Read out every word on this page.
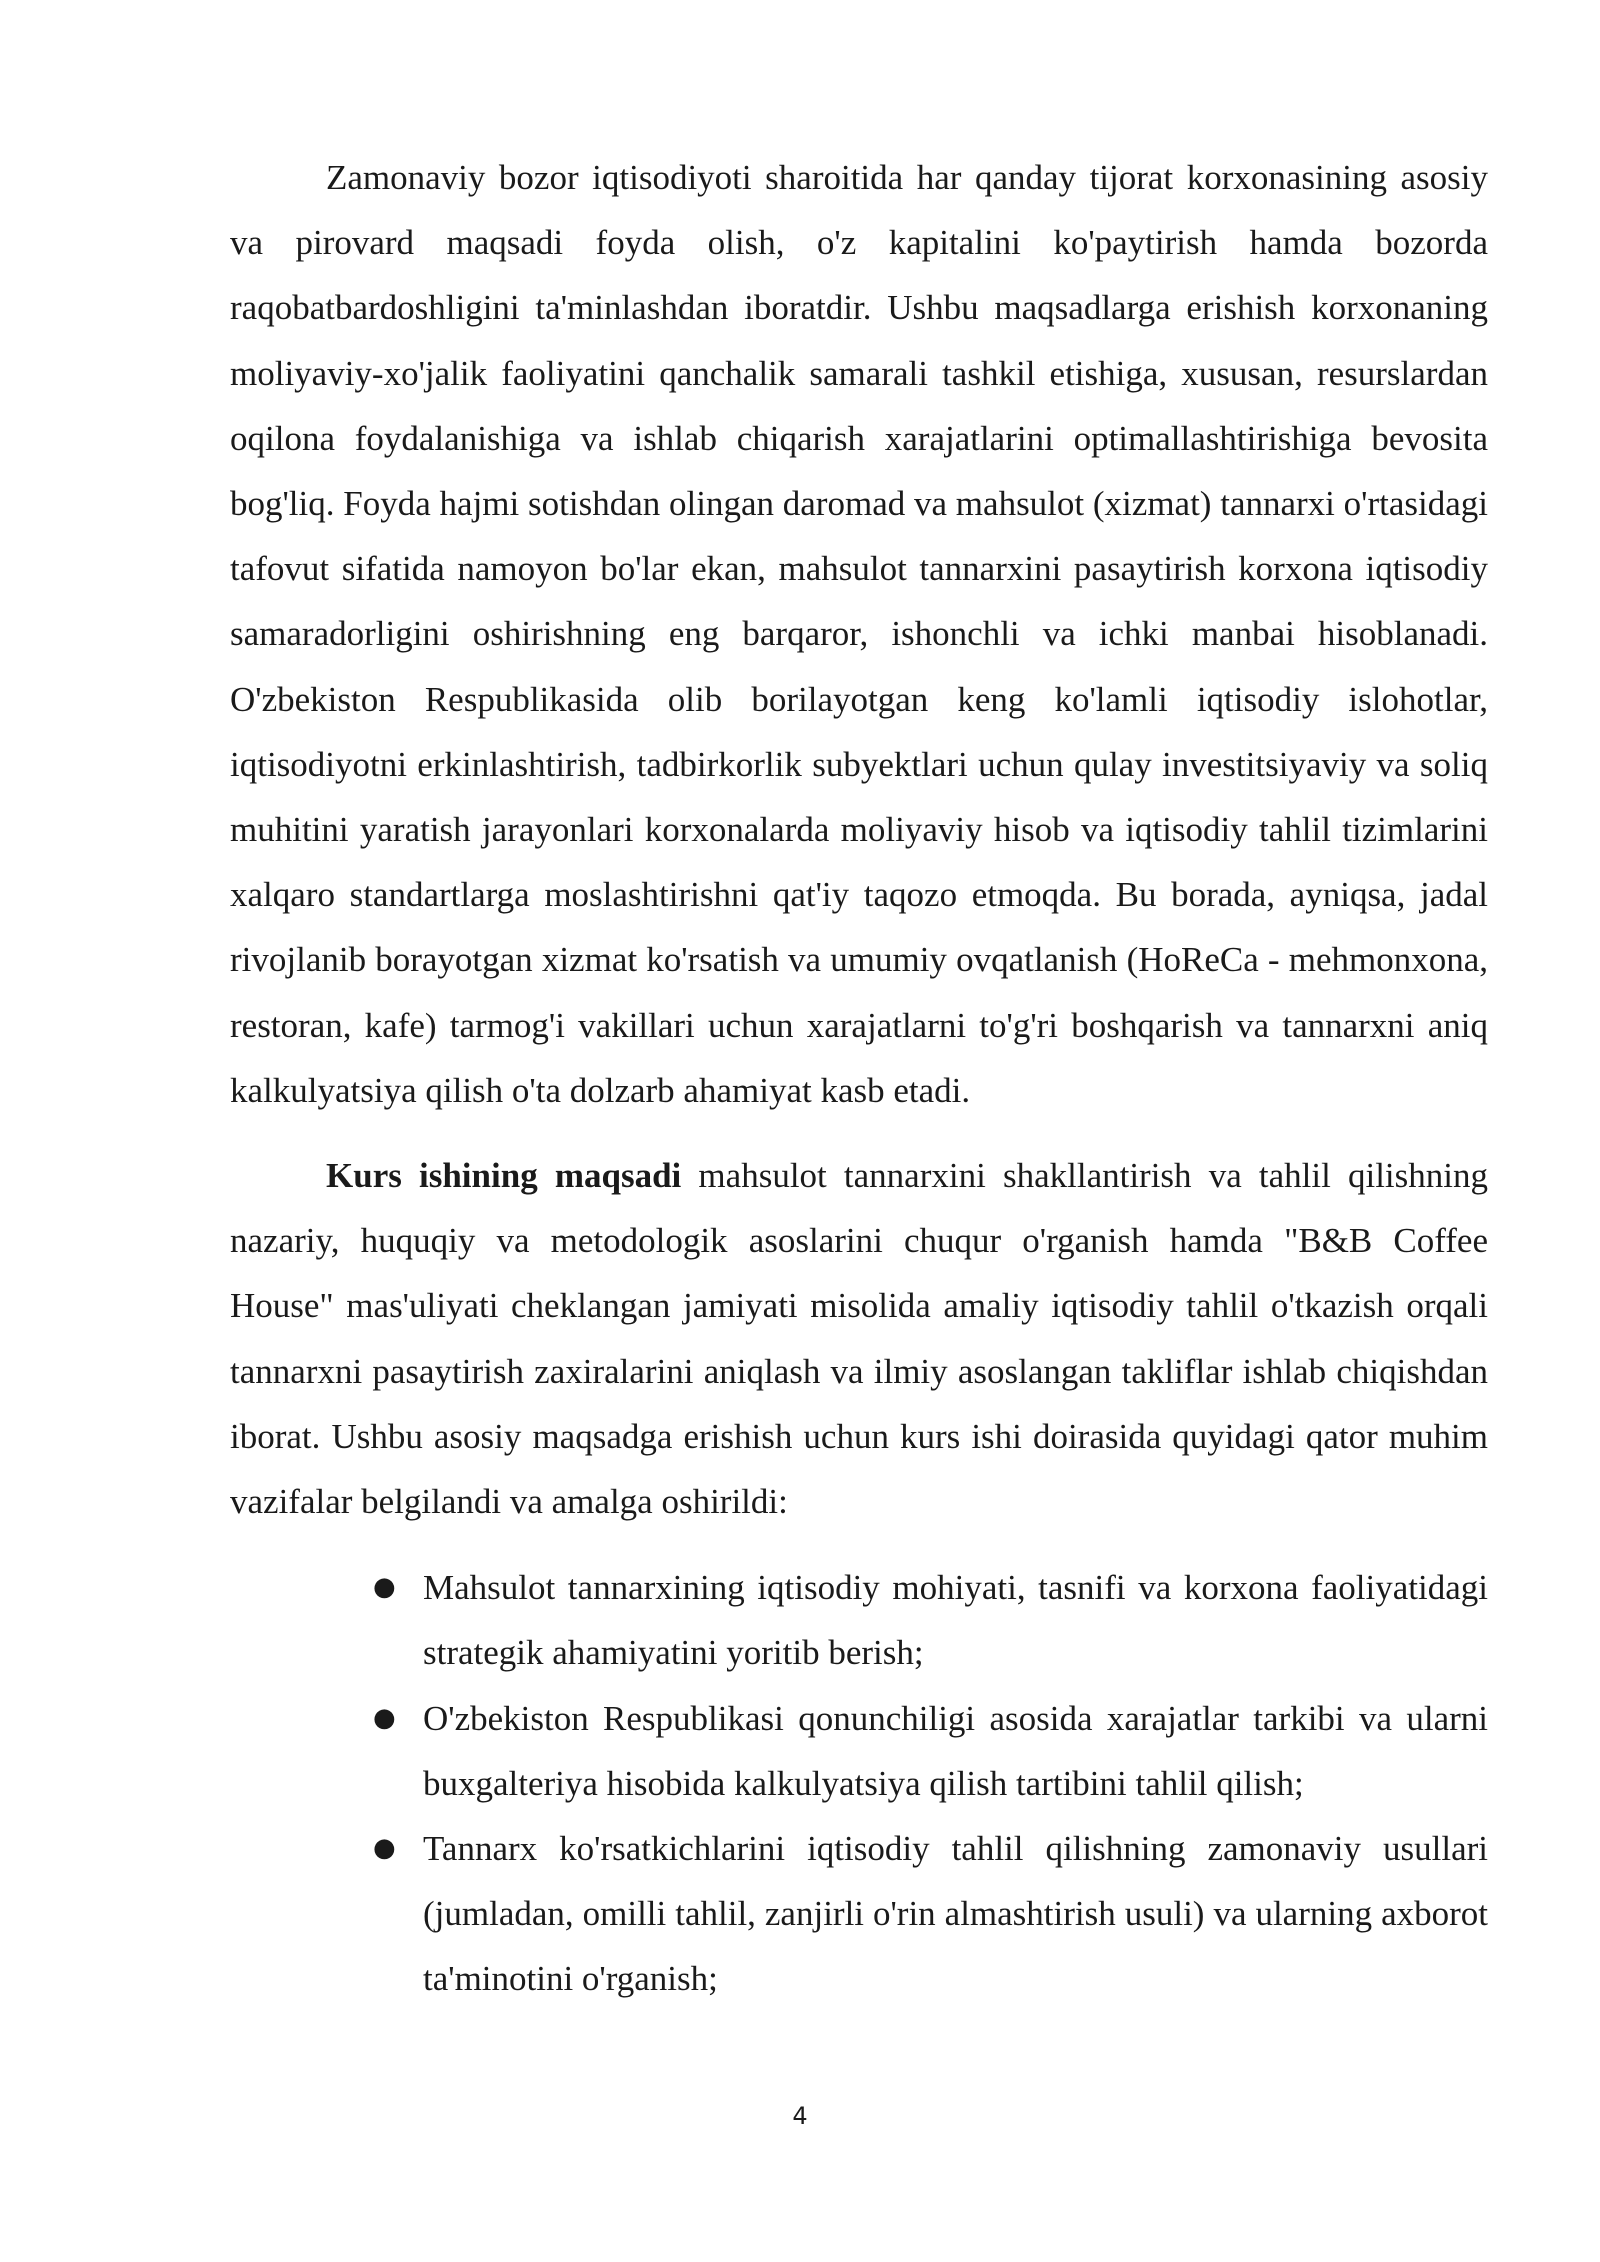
Zamonaviy bozor iqtisodiyoti sharoitida har qanday tijorat korxonasining asosiy va pirovard maqsadi foyda olish, o'z kapitalini ko'paytirish hamda bozorda raqobatbardoshligini ta'minlashdan iboratdir. Ushbu maqsadlarga erishish korxonaning moliyaviy-xo'jalik faoliyatini qanchalik samarali tashkil etishiga, xususan, resurslardan oqilona foydalanishiga va ishlab chiqarish xarajatlarini optimallashtirishiga bevosita bog'liq. Foyda hajmi sotishdan olingan daromad va mahsulot (xizmat) tannarxi o'rtasidagi tafovut sifatida namoyon bo'lar ekan, mahsulot tannarxini pasaytirish korxona iqtisodiy samaradorligini oshirishning eng barqaror, ishonchli va ichki manbai hisoblanadi. O'zbekiston Respublikasida olib borilayotgan keng ko'lamli iqtisodiy islohotlar, iqtisodiyotni erkinlashtirish, tadbirkorlik subyektlari uchun qulay investitsiyaviy va soliq muhitini yaratish jarayonlari korxonalarda moliyaviy hisob va iqtisodiy tahlil tizimlarini xalqaro standartlarga moslashtirishni qat'iy taqozo etmoqda. Bu borada, ayniqsa, jadal rivojlanib borayotgan xizmat ko'rsatish va umumiy ovqatlanish (HoReCa - mehmonxona, restoran, kafe) tarmog'i vakillari uchun xarajatlarni to'g'ri boshqarish va tannarxni aniq kalkulyatsiya qilish o'ta dolzarb ahamiyat kasb etadi.

Kurs ishining maqsadi mahsulot tannarxini shakllantirish va tahlil qilishning nazariy, huquqiy va metodologik asoslarini chuqur o'rganish hamda "B&B Coffee House" mas'uliyati cheklangan jamiyati misolida amaliy iqtisodiy tahlil o'tkazish orqali tannarxni pasaytirish zaxiralarini aniqlash va ilmiy asoslangan takliflar ishlab chiqishdan iborat. Ushbu asosiy maqsadga erishish uchun kurs ishi doirasida quyidagi qator muhim vazifalar belgilandi va amalga oshirildi:

● Mahsulot tannarxining iqtisodiy mohiyati, tasnifi va korxona faoliyatidagi strategik ahamiyatini yoritib berish;
● O'zbekiston Respublikasi qonunchiligi asosida xarajatlar tarkibi va ularni buxgalteriya hisobida kalkulyatsiya qilish tartibini tahlil qilish;
● Tannarx ko'rsatkichlarini iqtisodiy tahlil qilishning zamonaviy usullari (jumladan, omilli tahlil, zanjirli o'rin almashtirish usuli) va ularning axborot ta'minotini o'rganish;
4
